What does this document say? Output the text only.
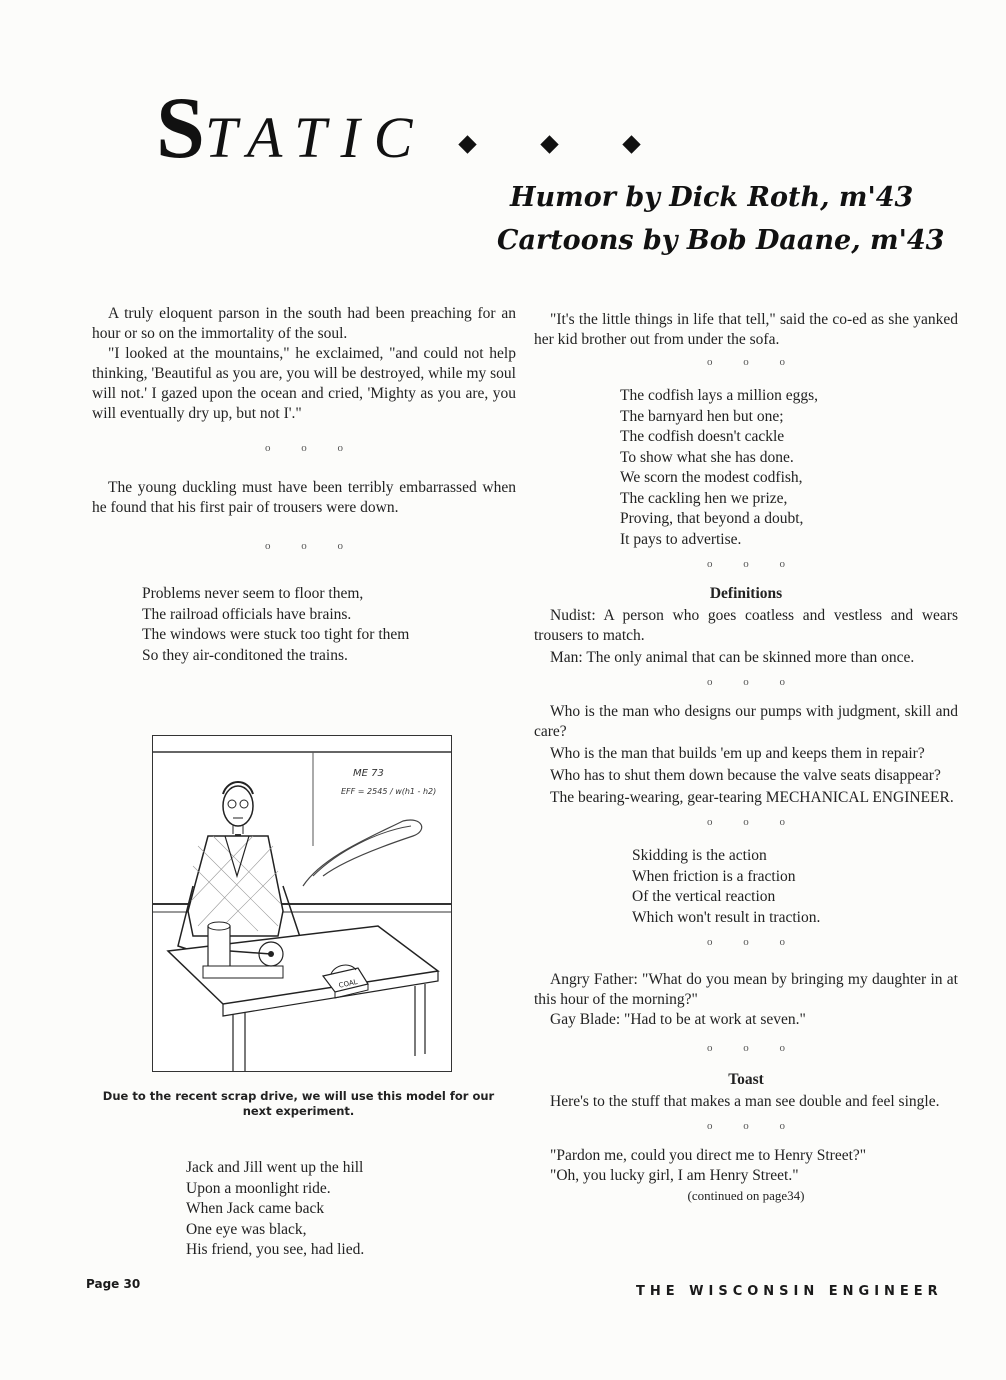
STATIC
Humor by Dick Roth, m'43
Cartoons by Bob Daane, m'43

A truly eloquent parson in the south had been preaching for an hour or so on the immortality of the soul.

"I looked at the mountains," he exclaimed, "and could not help thinking, 'Beautiful as you are, you will be destroyed, while my soul will not.' I gazed upon the ocean and cried, 'Mighty as you are, you will eventually dry up, but not I'."

o o o

The young duckling must have been terribly embarrassed when he found that his first pair of trousers were down.

o o o
Problems never seem to floor them,
The railroad officials have brains.
The windows were stuck too tight for them
So they air-conditoned the trains.
ME 73
EFF = 2545 / w(h1 - h2)
COAL
Due to the recent scrap drive, we will use this model for our next experiment.
Jack and Jill went up the hill
Upon a moonlight ride.
When Jack came back
One eye was black,
His friend, you see, had lied.

"It's the little things in life that tell," said the co-ed as she yanked her kid brother out from under the sofa.

o o o
The codfish lays a million eggs,
The barnyard hen but one;
The codfish doesn't cackle
To show what she has done.
We scorn the modest codfish,
The cackling hen we prize,
Proving, that beyond a doubt,
It pays to advertise.
o o o
Definitions

Nudist: A person who goes coatless and vestless and wears trousers to match.

Man: The only animal that can be skinned more than once.

o o o

Who is the man who designs our pumps with judgment, skill and care?

Who is the man that builds 'em up and keeps them in repair?

Who has to shut them down because the valve seats disappear?

The bearing-wearing, gear-tearing MECHANICAL ENGINEER.

o o o
Skidding is the action
When friction is a fraction
Of the vertical reaction
Which won't result in traction.
o o o

Angry Father: "What do you mean by bringing my daughter in at this hour of the morning?"

Gay Blade: "Had to be at work at seven."

o o o
Toast

Here's to the stuff that makes a man see double and feel single.

o o o

"Pardon me, could you direct me to Henry Street?"

"Oh, you lucky girl, I am Henry Street."

(continued on page34)
Page 30	THE WISCONSIN ENGINEER
